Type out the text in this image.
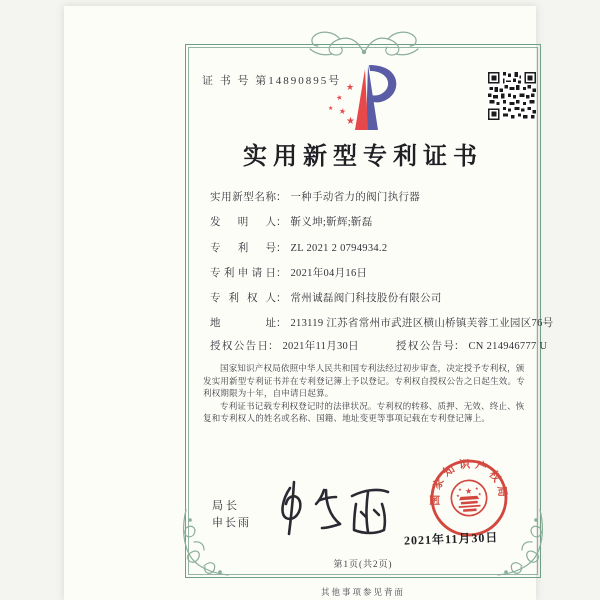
证 书 号 第14890895号
★
★
★ ★
★
实用新型专利证书
实用新型名称： 一种手动省力的阀门执行器
发明人： 靳义坤;靳辉;靳磊
专利号： ZL 2021 2 0794934.2
专利申请日： 2021年04月16日
专利权人： 常州诚磊阀门科技股份有限公司
地址： 213119 江苏省常州市武进区横山桥镇芙蓉工业园区76号
授权公告日： 2021年11月30日	授权公告号： CN 214946777 U

国家知识产权局依照中华人民共和国专利法经过初步审查，决定授予专利权，颁发实用新型专利证书并在专利登记簿上予以登记。专利权自授权公告之日起生效。专利权期限为十年，自申请日起算。

专利证书记载专利权登记时的法律状况。专利权的转移、质押、无效、终止、恢复和专利权人的姓名或名称、国籍、地址变更等事项记载在专利登记簿上。

局长
申长雨
国家知识产权局
★
★	★
★	★
2021年11月30日
第1页(共2页)
其他事项参见背面
